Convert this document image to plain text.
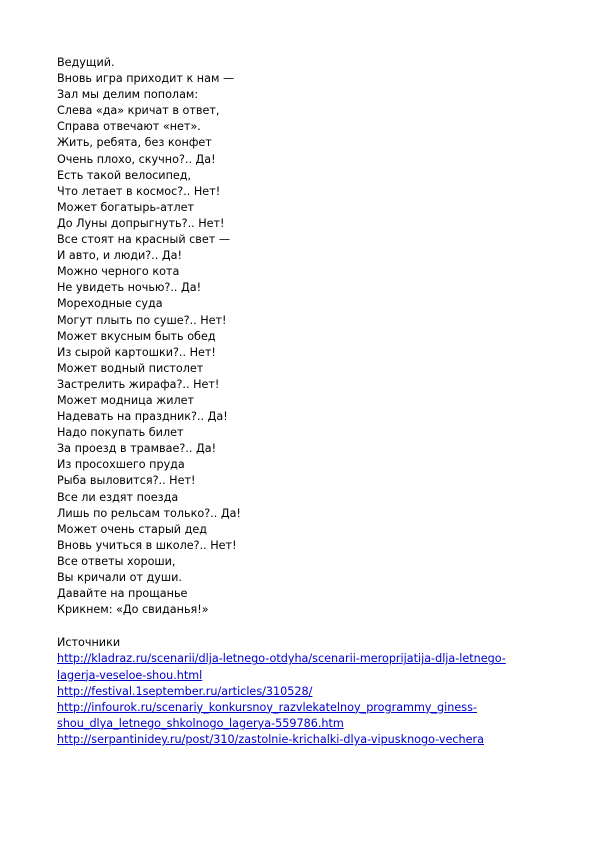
Ведущий.
Вновь игра приходит к нам —
Зал мы делим пополам:
Слева «да» кричат в ответ,
Справа отвечают «нет».
Жить, ребята, без конфет
Очень плохо, скучно?.. Да!
Есть такой велосипед,
Что летает в космос?.. Нет!
Может богатырь-атлет
До Луны допрыгнуть?.. Нет!
Все стоят на красный свет —
И авто, и люди?.. Да!
Можно черного кота
Не увидеть ночью?.. Да!
Мореходные суда
Могут плыть по суше?.. Нет!
Может вкусным быть обед
Из сырой картошки?.. Нет!
Может водный пистолет
Застрелить жирафа?.. Нет!
Может модница жилет
Надевать на праздник?.. Да!
Надо покупать билет
За проезд в трамвае?.. Да!
Из просохшего пруда
Рыба выловится?.. Нет!
Все ли ездят поезда
Лишь по рельсам только?.. Да!
Может очень старый дед
Вновь учиться в школе?.. Нет!
Все ответы хороши,
Вы кричали от души.
Давайте на прощанье
Крикнем: «До свиданья!»
Источники
http://kladraz.ru/scenarii/dlja-letnego-otdyha/scenarii-meroprijatija-dlja-letnego-
lagerja-veseloe-shou.html
http://festival.1september.ru/articles/310528/
http://infourok.ru/scenariy_konkursnoy_razvlekatelnoy_programmy_giness-
shou_dlya_letnego_shkolnogo_lagerya-559786.htm
http://serpantinidey.ru/post/310/zastolnie-krichalki-dlya-vipusknogo-vechera
